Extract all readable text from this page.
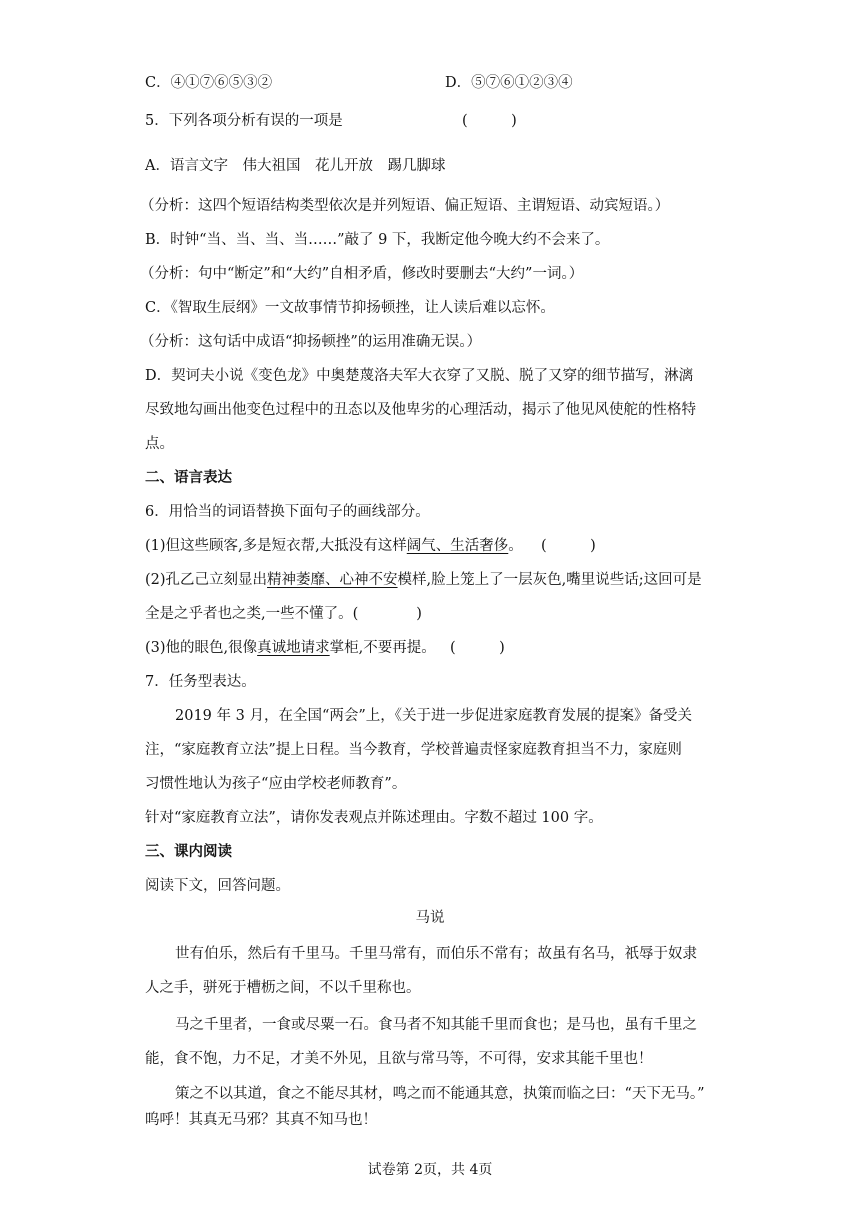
C．④①⑦⑥⑤③②	D．⑤⑦⑥①②③④
5．下列各项分析有误的一项是	(　　　)
A．语言文字　伟大祖国　花儿开放　踢几脚球
（分析：这四个短语结构类型依次是并列短语、偏正短语、主谓短语、动宾短语。）
B．时钟“当、当、当、当……”敲了 9 下，我断定他今晚大约不会来了。
（分析：句中“断定”和“大约”自相矛盾，修改时要删去“大约”一词。）
C．《智取生辰纲》一文故事情节抑扬顿挫，让人读后难以忘怀。
（分析：这句话中成语“抑扬顿挫”的运用准确无误。）
D．契诃夫小说《变色龙》中奥楚蔑洛夫军大衣穿了又脱、脱了又穿的细节描写，淋漓
尽致地勾画出他变色过程中的丑态以及他卑劣的心理活动，揭示了他见风使舵的性格特
点。
二、语言表达
6．用恰当的词语替换下面句子的画线部分。
(1)但这些顾客,多是短衣帮,大抵没有这样阔气、生活奢侈。 (　　　)
(2)孔乙己立刻显出精神萎靡、心神不安模样,脸上笼上了一层灰色,嘴里说些话;这回可是
全是之乎者也之类,一些不懂了。(　　　　)
(3)他的眼色,很像真诚地请求掌柜,不要再提。 (　　　)
7．任务型表达。
2019 年 3 月，在全国“两会”上，《关于进一步促进家庭教育发展的提案》备受关
注，“家庭教育立法”提上日程。当今教育，学校普遍责怪家庭教育担当不力，家庭则
习惯性地认为孩子“应由学校老师教育”。
针对“家庭教育立法”，请你发表观点并陈述理由。字数不超过 100 字。
三、课内阅读
阅读下文，回答问题。
马说
世有伯乐，然后有千里马。千里马常有，而伯乐不常有；故虽有名马，祇辱于奴隶
人之手，骈死于槽枥之间，不以千里称也。
马之千里者，一食或尽粟一石。食马者不知其能千里而食也；是马也，虽有千里之
能，食不饱，力不足，才美不外见，且欲与常马等，不可得，安求其能千里也！
策之不以其道，食之不能尽其材，鸣之而不能通其意，执策而临之曰：“天下无马。”
呜呼！其真无马邪？其真不知马也！
试卷第 2页，共 4页
